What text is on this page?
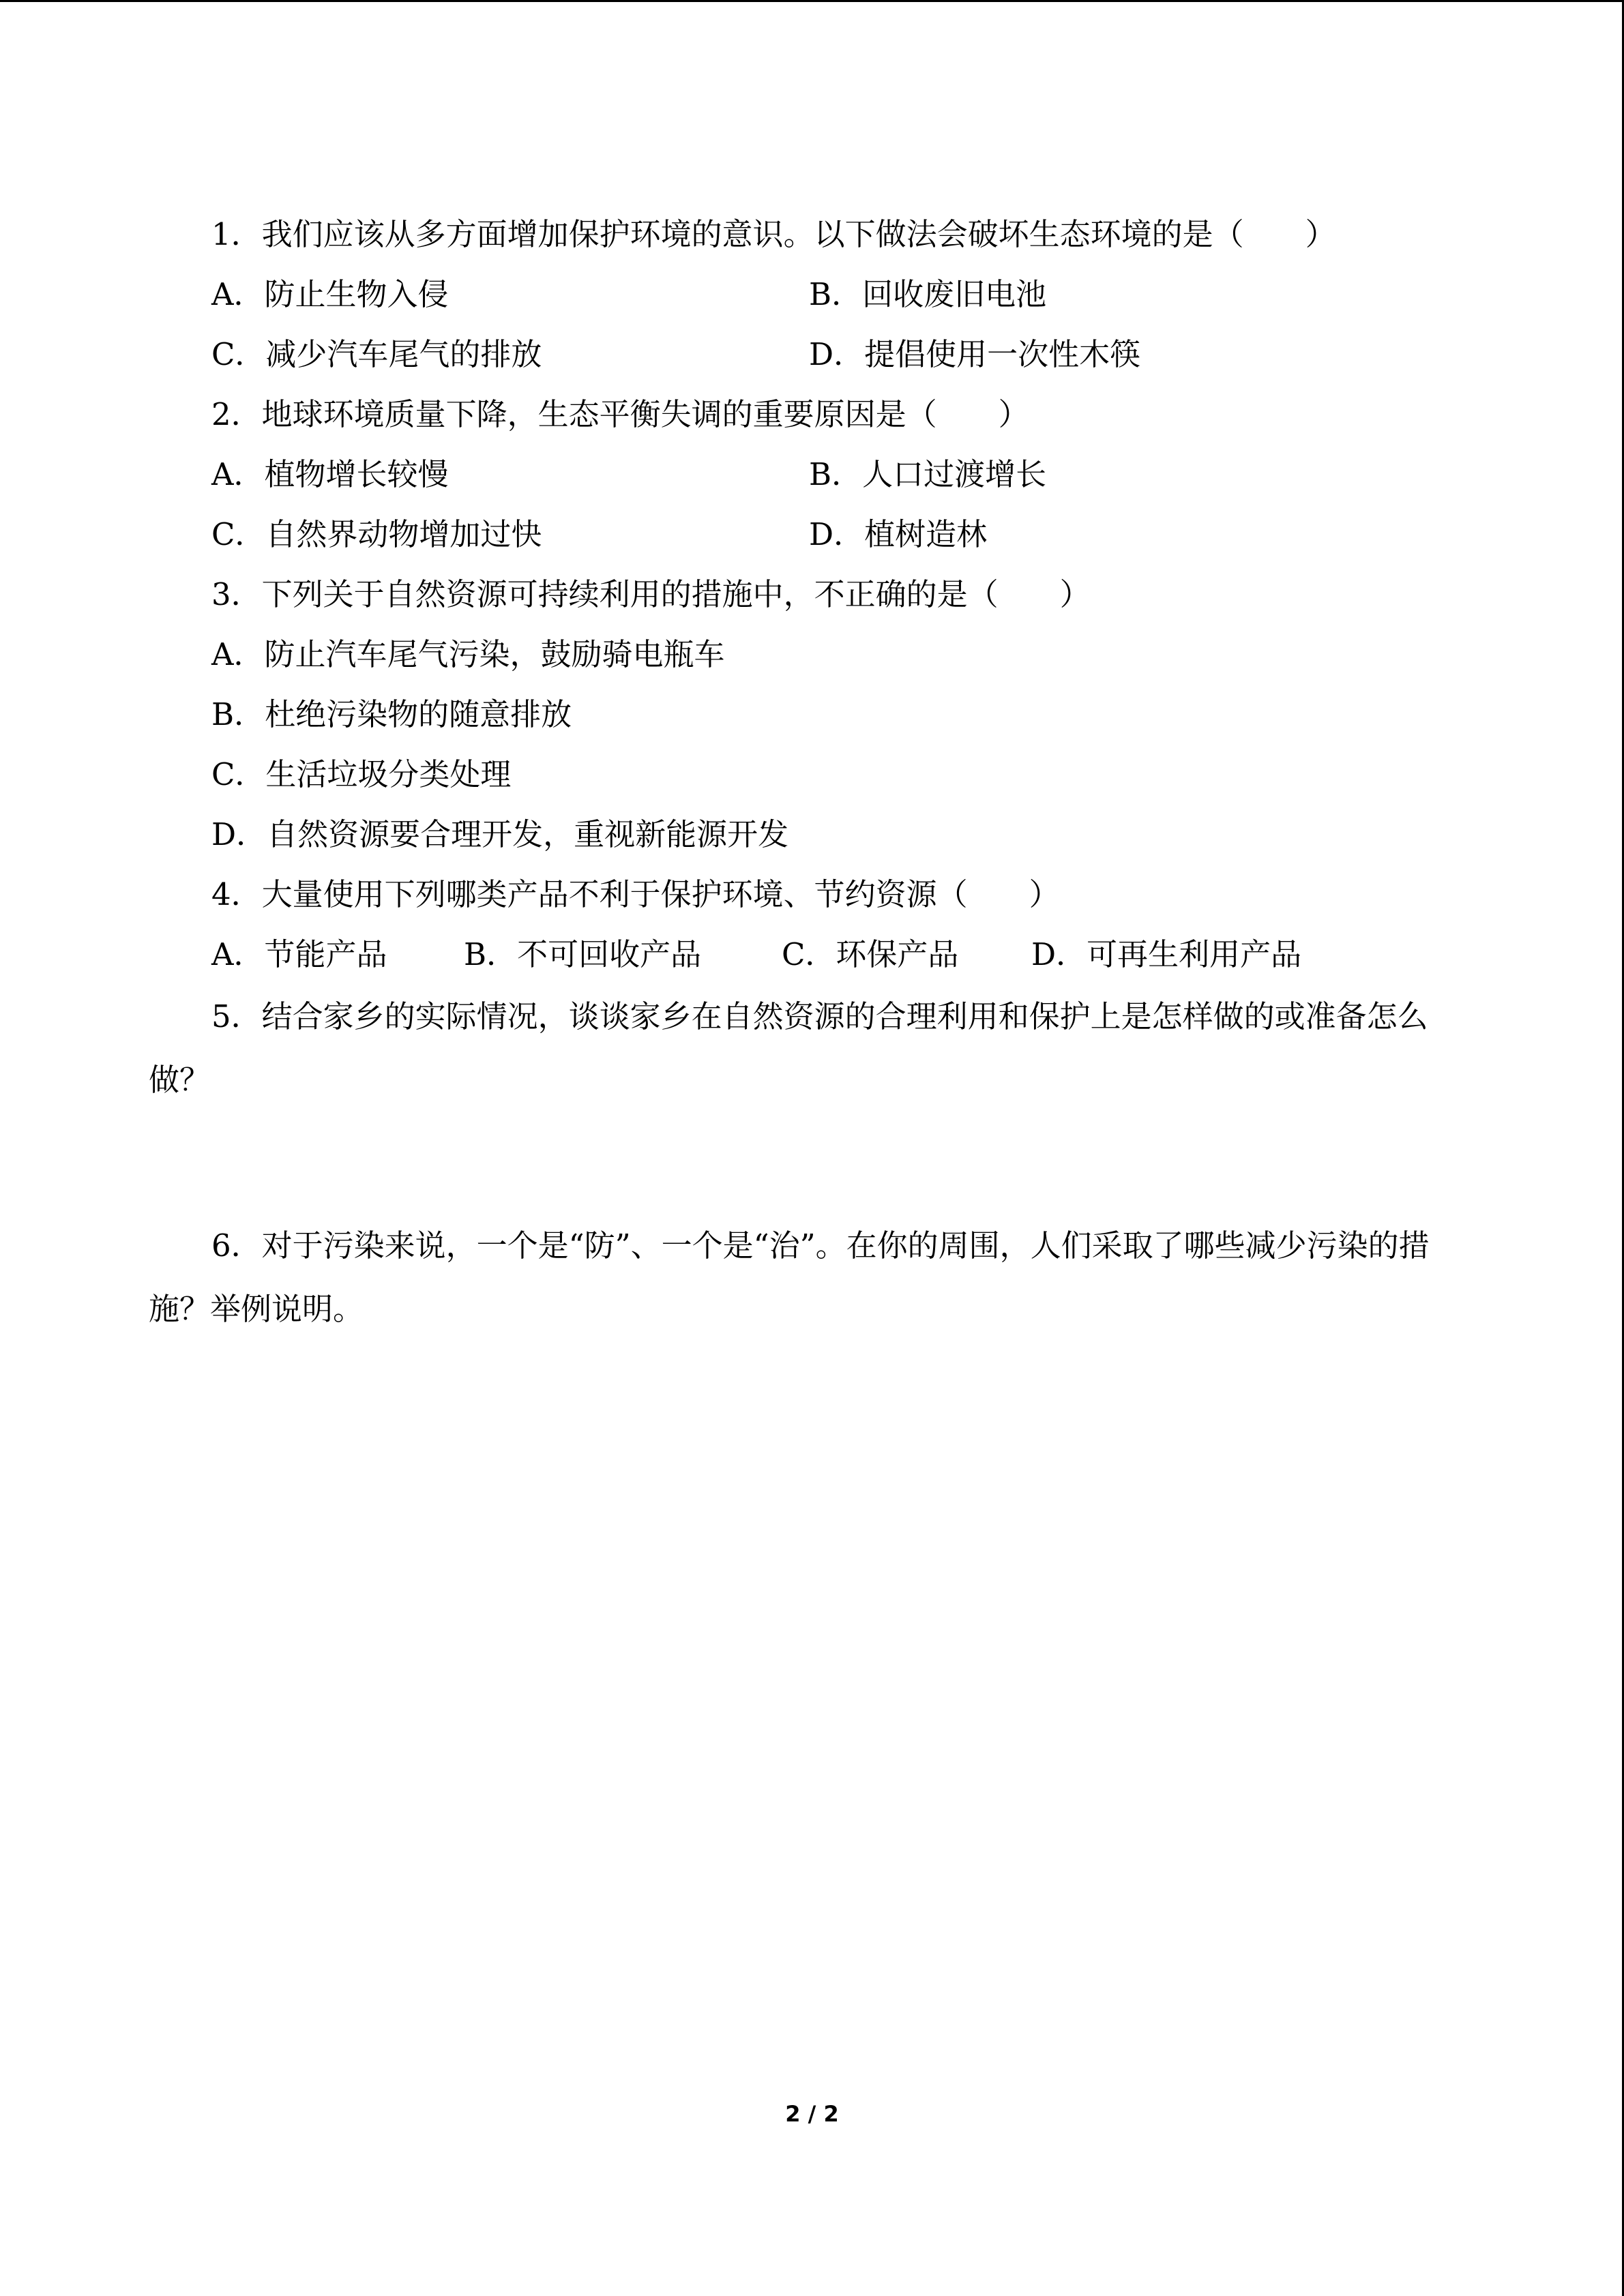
1．我们应该从多方面增加保护环境的意识。以下做法会破坏生态环境的是（　　）
A．防止生物入侵	B．回收废旧电池
C．减少汽车尾气的排放	D．提倡使用一次性木筷
2．地球环境质量下降，生态平衡失调的重要原因是（　　）
A．植物增长较慢	B．人口过渡增长
C．自然界动物增加过快	D．植树造林
3．下列关于自然资源可持续利用的措施中，不正确的是（　　）
A．防止汽车尾气污染，鼓励骑电瓶车
B．杜绝污染物的随意排放
C．生活垃圾分类处理
D．自然资源要合理开发，重视新能源开发
4．大量使用下列哪类产品不利于保护环境、节约资源（　　）
A．节能产品	B．不可回收产品	C．环保产品 D．可再生利用产品
5．结合家乡的实际情况，谈谈家乡在自然资源的合理利用和保护上是怎样做的或准备怎么做？
6．对于污染来说，一个是“防”、一个是“治”。在你的周围，人们采取了哪些减少污染的措施？举例说明。
2 / 2
